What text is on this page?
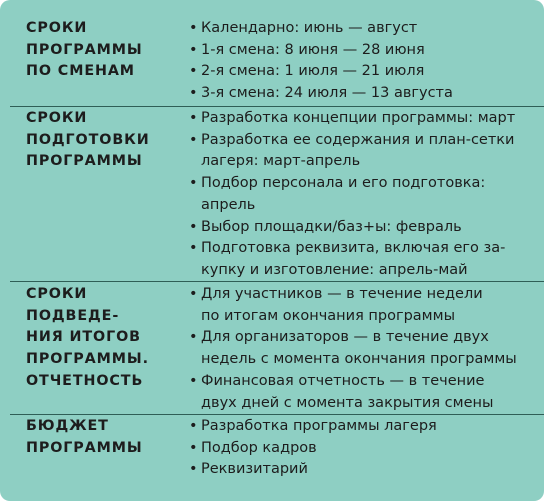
СРОКИ
ПРОГРАММЫ
ПО СМЕНАМ
• Календарно: июнь — август
• 1-я смена: 8 июня — 28 июня
• 2-я смена: 1 июля — 21 июля
• 3-я смена: 24 июля — 13 августа
СРОКИ
ПОДГОТОВКИ
ПРОГРАММЫ
• Разработка концепции программы: март
• Разработка ее содержания и план-сетки
лагеря: март-апрель
• Подбор персонала и его подготовка:
апрель
• Выбор площадки/баз+ы: февраль
• Подготовка реквизита, включая его за-
купку и изготовление: апрель-май
СРОКИ ПОДВЕДЕ-
НИЯ ИТОГОВ
ПРОГРАММЫ.
ОТЧЕТНОСТЬ
• Для участников — в течение недели
по итогам окончания программы
• Для организаторов — в течение двух
недель с момента окончания программы
• Финансовая отчетность — в течение
двух дней с момента закрытия смены
БЮДЖЕТ
ПРОГРАММЫ
• Разработка программы лагеря
• Подбор кадров
• Реквизитарий
